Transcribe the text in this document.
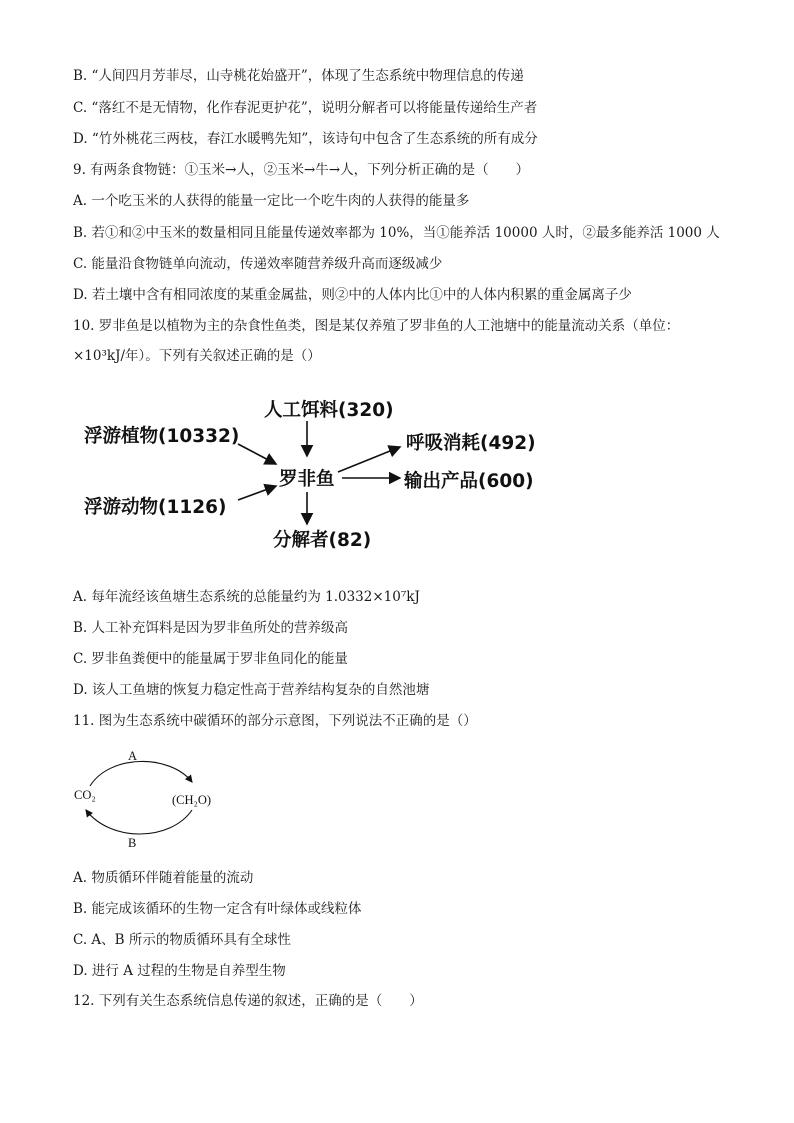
B. “人间四月芳菲尽，山寺桃花始盛开”，体现了生态系统中物理信息的传递
C. “落红不是无情物，化作春泥更护花”，说明分解者可以将能量传递给生产者
D. “竹外桃花三两枝，春江水暖鸭先知”，该诗句中包含了生态系统的所有成分
9. 有两条食物链：①玉米→人，②玉米→牛→人，下列分析正确的是（　　）
A. 一个吃玉米的人获得的能量一定比一个吃牛肉的人获得的能量多
B. 若①和②中玉米的数量相同且能量传递效率都为 10%，当①能养活 10000 人时，②最多能养活 1000 人
C. 能量沿食物链单向流动，传递效率随营养级升高而逐级减少
D. 若土壤中含有相同浓度的某重金属盐，则②中的人体内比①中的人体内积累的重金属离子少
10. 罗非鱼是以植物为主的杂食性鱼类，图是某仅养殖了罗非鱼的人工池塘中的能量流动关系（单位：
×10³kJ/年）。下列有关叙述正确的是（）
人工饵料(320)
浮游植物(10332)
浮游动物(1126)
罗非鱼
呼吸消耗(492)
输出产品(600)
分解者(82)
A. 每年流经该鱼塘生态系统的总能量约为 1.0332×10⁷kJ
B. 人工补充饵料是因为罗非鱼所处的营养级高
C. 罗非鱼粪便中的能量属于罗非鱼同化的能量
D. 该人工鱼塘的恢复力稳定性高于营养结构复杂的自然池塘
11. 图为生态系统中碳循环的部分示意图，下列说法不正确的是（）
A
CO₂	(CH₂O)
B
A. 物质循环伴随着能量的流动
B. 能完成该循环的生物一定含有叶绿体或线粒体
C. A、B 所示的物质循环具有全球性
D. 进行 A 过程的生物是自养型生物
12. 下列有关生态系统信息传递的叙述，正确的是（　　）
